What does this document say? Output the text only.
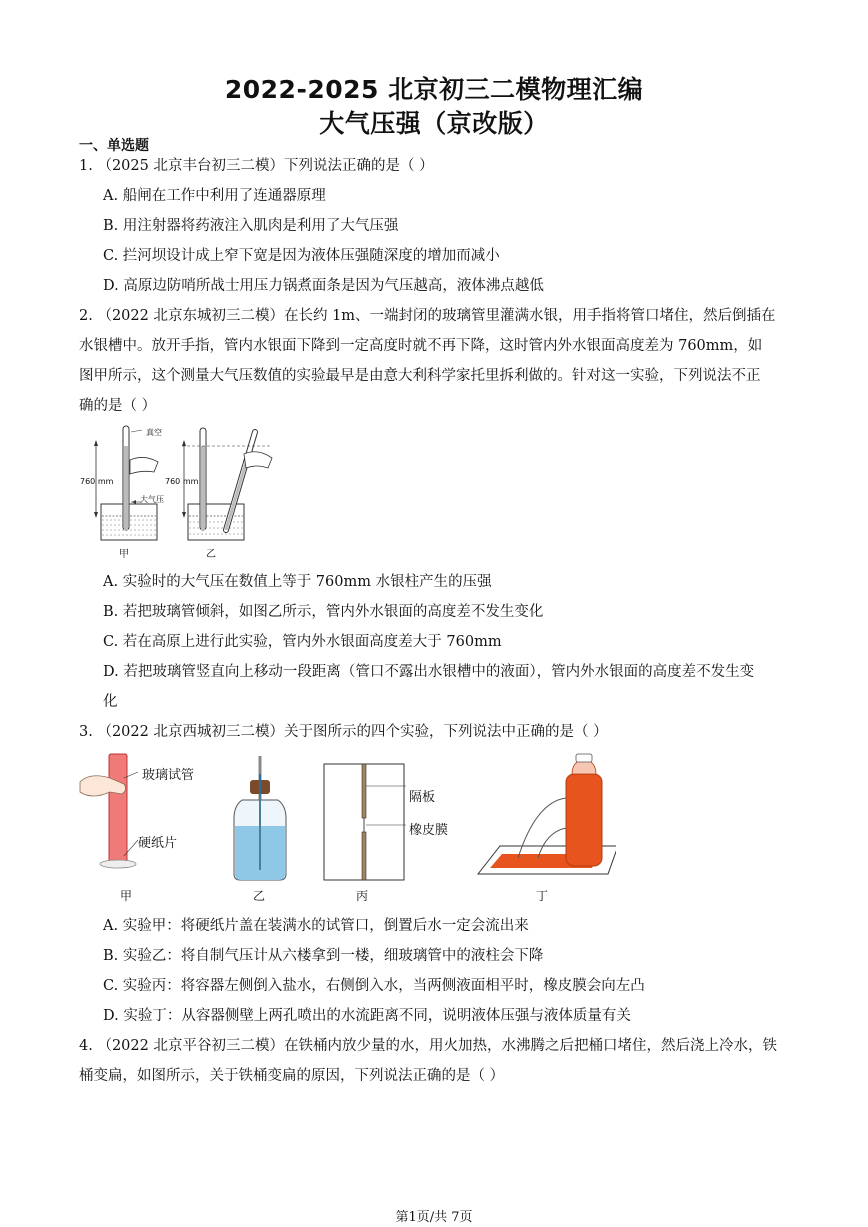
2022-2025 北京初三二模物理汇编
大气压强（京改版）
一、单选题
1. （2025 北京丰台初三二模）下列说法正确的是（ ）
A. 船闸在工作中利用了连通器原理
B. 用注射器将药液注入肌肉是利用了大气压强
C. 拦河坝设计成上窄下宽是因为液体压强随深度的增加而减小
D. 高原边防哨所战士用压力锅煮面条是因为气压越高，液体沸点越低
2. （2022 北京东城初三二模）在长约 1m、一端封闭的玻璃管里灌满水银，用手指将管口堵住，然后倒插在
水银槽中。放开手指，管内水银面下降到一定高度时就不再下降，这时管内外水银面高度差为 760mm，如
图甲所示，这个测量大气压数值的实验最早是由意大利科学家托里拆利做的。针对这一实验，下列说法不正
确的是（ ）
真空
大气压
760 mm	760 mm
甲	乙
A. 实验时的大气压在数值上等于 760mm 水银柱产生的压强
B. 若把玻璃管倾斜，如图乙所示，管内外水银面的高度差不发生变化
C. 若在高原上进行此实验，管内外水银面高度差大于 760mm
D. 若把玻璃管竖直向上移动一段距离（管口不露出水银槽中的液面），管内外水银面的高度差不发生变
化
3. （2022 北京西城初三二模）关于图所示的四个实验，下列说法中正确的是（ ）
玻璃试管
硬纸片
隔板
橡皮膜
甲	乙	丙	丁
A. 实验甲：将硬纸片盖在装满水的试管口，倒置后水一定会流出来
B. 实验乙：将自制气压计从六楼拿到一楼，细玻璃管中的液柱会下降
C. 实验丙：将容器左侧倒入盐水，右侧倒入水，当两侧液面相平时，橡皮膜会向左凸
D. 实验丁：从容器侧壁上两孔喷出的水流距离不同，说明液体压强与液体质量有关
4. （2022 北京平谷初三二模）在铁桶内放少量的水，用火加热，水沸腾之后把桶口堵住，然后浇上冷水，铁
桶变扁，如图所示，关于铁桶变扁的原因，下列说法正确的是（ ）
第1页/共 7页
